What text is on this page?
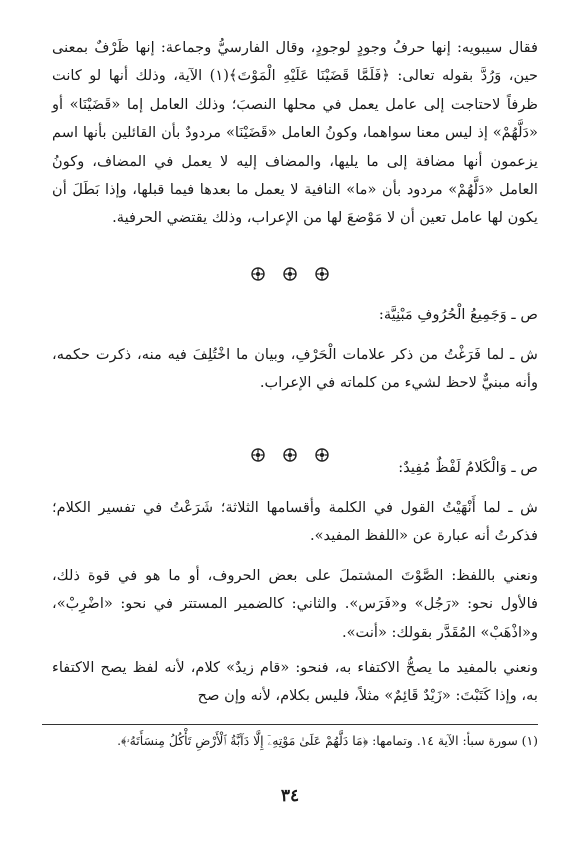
فقال سيبويه: إنها حرفُ وجودٍ لوجودٍ، وقال الفارسيُّ وجماعة: إنها ظَرْفٌ بمعنى حين، وَرُدَّ بقوله تعالى: ﴿فَلَمَّا قَضَيْنَا عَلَيْهِ الْمَوْتَ﴾(١) الآية، وذلك أنها لو كانت ظرفاً لاحتاجت إلى عامل يعمل في محلها النصبَ؛ وذلك العامل إما «قَضَيْنَا» أو «دَلَّهُمْ» إذ ليس معنا سواهما، وكونُ العامل «قَضَيْنَا» مردودٌ بأن القائلين بأنها اسم يزعمون أنها مضافة إلى ما يليها، والمضاف إليه لا يعمل في المضاف، وكونُ العامل «دَلَّهُمْ» مردود بأن «ما» النافية لا يعمل ما بعدها فيما قبلها، وإذا بَطَلَ أن يكون لها عامل تعين أن لا مَوْضعَ لها من الإعراب، وذلك يقتضي الحرفية.

ص ـ وَجَمِيعُ الْحُرُوفِ مَبْنِيَّة:
ش ـ لما فَرَغْتُ من ذكر علامات الْحَرْفِ، وبيان ما اخْتُلِفَ فيه منه، ذكرت حكمه، وأنه مبنيٌّ لاحظ لشيء من كلماته في الإعراب.

ص ـ وَالْكَلامُ لَفْظٌ مُفِيدٌ:
ش ـ لما أَنْهَيْتُ القول في الكلمة وأقسامها الثلاثة؛ شَرَعْتُ في تفسير الكلام؛ فذكرتُ أنه عبارة عن «اللفظ المفيد».
ونعني باللفظ: الصَّوْتَ المشتملَ على بعض الحروف، أو ما هو في قوة ذلك، فالأول نحو: «رَجُل» و«فَرَس». والثاني: كالضمير المستتر في نحو: «اضْرِبْ»، و«اذْهَبْ» المُقَدَّر بقولك: «أنت».
ونعني بالمفيد ما يصحُّ الاكتفاء به، فنحو: «قام زيدٌ» كلام، لأنه لفظ يصح الاكتفاء به، وإذا كَتَبْتَ: «زَيْدٌ قَائِمٌ» مثلاً، فليس بكلام، لأنه وإن صح
(١) سورة سبأ: الآية ١٤. وتمامها: ﴿مَا دَلَّهُمْ عَلَىٰ مَوْتِهِۦٓ إِلَّا دَآبَّةُ ٱلْأَرْضِ تَأْكُلُ مِنسَأَتَهُۥ﴾.
٣٤
